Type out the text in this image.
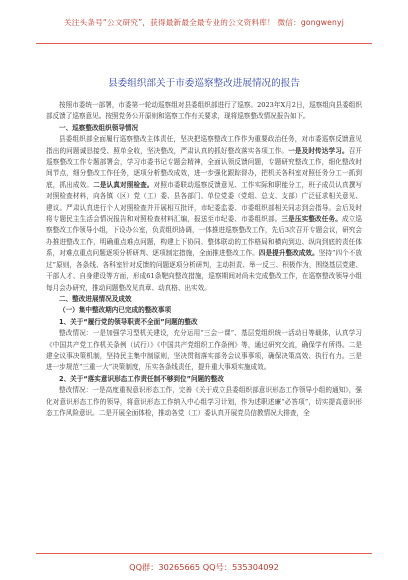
关注头条号“公文研究”，获得最新最全最专业的公文资料库！ 微信：gongwenyj
县委组织部关于市委巡察整改进展情况的报告

按照市委统一部署，市委第一轮动巡察组对县委组织部进行了巡察。2023年X月2日，巡察组向县委组织部反馈了巡察意见。按照党务公开原则和巡察工作有关要求，现将巡察整改情况报告如下。

一、巡察整改组织领导情况

县委组织部全面履行巡察整改主体责任，坚决把巡察整改工作作为重要政治任务，对市委巡察反馈意见指出的问题诚恳接受、照单全收，坚决整改，严肃认真的抓好整改落实各项工作。一是及时传达学习。召开巡察整改工作专题部署会，学习市委书记专题会精神，全面认领反馈问题，专题研究整改工作，细化整改时间节点，细分整改工作任务，逐项分析整改成效，进一步强化跟踪督办，把机关各科室对照任务分工一抓到底，抓出成效。二是认真对照检查。对照市委联动巡察反馈意见、工作实际和职能分工，班子成员认真撰写对照检查材料，向各镇（区）党（工）委、县各部门、单位党委（党组、总支、支部）广泛征求相关意见、建议。严肃认真进行个人对照检查并开展相互批评，市纪委监委、市委组织部相关同志到会指导。会后及时将专题民主生活会情况报告和对照检查材料汇编，报送至市纪委、市委组织部。三是压实整改任务。成立巡察整改工作领导小组，下设办公室，负责组织协调，一体推进巡察整改工作，先后3次召开专题会议，研究会办推进整改工作，明确重点难点问题，构建上下协同、整体联动的工作格局和横向到边、纵向到底的责任体系，对难点重点问题逐项分析研判、逐项制定措施，全面推进整改工作。四是提升整改成效。坚持“四个不放过”原则，各条线、各科室针对反馈的问题逐项分析研判，主动担责、举一反三、积极作为，围绕基层党建、干部人才、自身建设等方面，形成61条靶向整改措施，巡察期间对尚未完成整改工作，在巡察整改领导小组每月会办研究，推动问题整改见真章、动真格、出实效。

二、整改进展情况及成效

（一）集中整改期内已完成的整改事项

1、关于“履行党的领导职责不全面”问题的整改

整改情况：一是加强学习型机关建设，充分运用“三会一课”、基层党组织统一活动日等载体，认真学习《中国共产党工作机关条例（试行）》《中国共产党组织工作条例》等，通过研究交流，确保学有所得。二是建全议事决策机制，坚持民主集中制原则，坚决贯彻落实部务会议事事项，确保决策高效、执行有力。三是进一步规范“三重一大”决策制度，压实各条线责任，提升重大事项实施成效。

2、关于“落实意识形态工作责任制不够到位”问题的整改

整改情况：一是高度重视意识形态工作，完善《关于成立县委组织部意识形态工作领导小组的通知》，强化对意识形态工作的领导，将意识形态工作纳入中心组学习计划，作为述职述廉“必答项”，切实提高意识形态工作风险意识。二是开展全面体检，推动各党（工）委认真开展党员信教情况大排查，全

QQ群：30265665 QQ号：535304092
